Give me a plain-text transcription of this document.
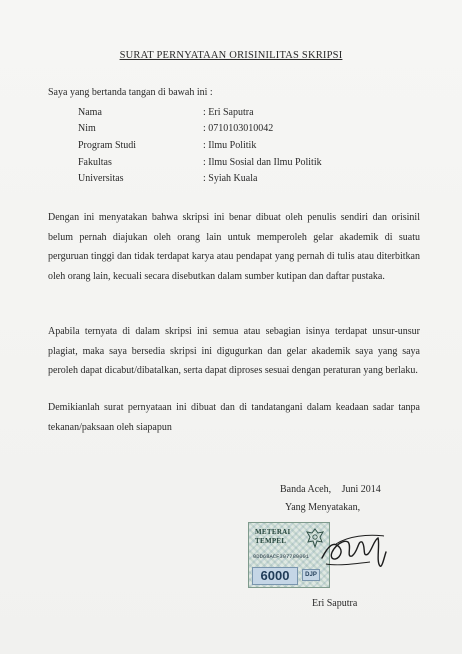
SURAT PERNYATAAN ORISINILITAS SKRIPSI
Saya yang bertanda tangan di bawah ini :
Nama	: Eri Saputra
Nim	: 0710103010042
Program Studi	: Ilmu Politik
Fakultas	: Ilmu Sosial dan Ilmu Politik
Universitas	: Syiah Kuala
Dengan ini menyatakan bahwa skripsi ini benar dibuat oleh penulis sendiri dan orisinil belum pernah diajukan oleh orang lain untuk memperoleh gelar akademik di suatu perguruan tinggi dan tidak terdapat karya atau pendapat yang pernah di tulis atau diterbitkan oleh orang lain, kecuali secara disebutkan dalam sumber kutipan dan daftar pustaka.
Apabila ternyata di dalam skripsi ini semua atau sebagian isinya terdapat unsur-unsur plagiat, maka saya bersedia skripsi ini digugurkan dan gelar akademik saya yang saya peroleh dapat dicabut/dibatalkan, serta dapat diproses sesuai dengan peraturan yang berlaku.
Demikianlah surat pernyataan ini dibuat dan di tandatangani dalam keadaan sadar tanpa tekanan/paksaan oleh siapapun
Banda Aceh, Juni 2014
Yang Menyatakan,
METERAI
TEMPEL
0DD68ACF307780001
6000	DJP
Eri Saputra
